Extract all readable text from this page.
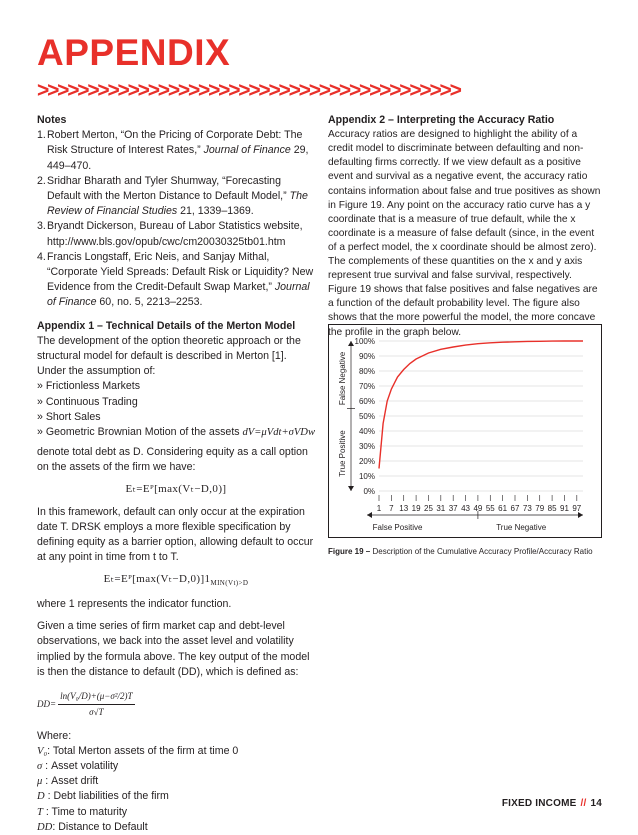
APPENDIX
>>>>>>>>>>>>>>>>>>>>>>>>>>>>>>>>>>>>>>>>>>
Notes
1. Robert Merton, “On the Pricing of Corporate Debt: The Risk Structure of Interest Rates,” Journal of Finance 29, 449–470.
2. Sridhar Bharath and Tyler Shumway, “Forecasting Default with the Merton Distance to Default Model,” The Review of Financial Studies 21, 1339–1369.
3. Bryandt Dickerson, Bureau of Labor Statistics website, http://www.bls.gov/opub/cwc/cm20030325tb01.htm
4. Francis Longstaff, Eric Neis, and Sanjay Mithal, “Corporate Yield Spreads: Default Risk or Liquidity? New Evidence from the Credit-Default Swap Market,” Journal of Finance 60, no. 5, 2213–2253.
Appendix 1 – Technical Details of the Merton Model

The development of the option theoretic approach or the structural model for default is described in Merton [1]. Under the assumption of:

» Frictionless Markets

» Continuous Trading

» Short Sales

» Geometric Brownian Motion of the assets dV=μVdt+σVDw

denote total debt as D. Considering equity as a call option on the assets of the firm we have:

Eₜ=Eᴾ[max(Vₜ−D,0)]

In this framework, default can only occur at the expiration date T. DRSK employs a more flexible specification by defining equity as a barrier option, allowing default to occur at any point in time from t to T.

$E_t=Eᴾ[\max(V_t-D,0)]1_{MIN(Vt)>D}$

where 1 represents the indicator function.

Given a time series of firm market cap and debt-level observations, we back into the asset level and volatility implied by the formula above. The key output of the model is then the distance to default (DD), which is defined as:

$DD= \frac{\text{ln(V₀/D)+(μ−σ²/2)T}}{\sigma√T}$

Where:

V₀: Total Merton assets of the firm at time 0

σ : Asset volatility

μ : Asset drift

D : Debt liabilities of the firm

T : Time to maturity

DD: Distance to Default

Appendix 2 – Interpreting the Accuracy Ratio

Accuracy ratios are designed to highlight the ability of a credit model to discriminate between defaulting and non-defaulting firms correctly. If we view default as a positive event and survival as a negative event, the accuracy ratio contains information about false and true positives as shown in Figure 19. Any point on the accuracy ratio curve has a y coordinate that is a measure of true default, while the x coordinate is a measure of false default (since, in the event of a perfect model, the x coordinate should be almost zero). The complements of these quantities on the x and y axis represent true survival and false survival, respectively. Figure 19 shows that false positives and false negatives are a function of the default probability level. The figure also shows that the more powerful the model, the more concave the profile in the graph below.

0%
10%
20%
30%
40%
50%
60%
70%
80%
90%
100%
1 7 13 19 25 31 37 43 49 55 61 67 73 79 85 91 97
False Negative
True Positive
False Positive	True Negative
Figure 19 – Description of the Cumulative Accuracy Profile/Accuracy Ratio
FIXED INCOME // 14
